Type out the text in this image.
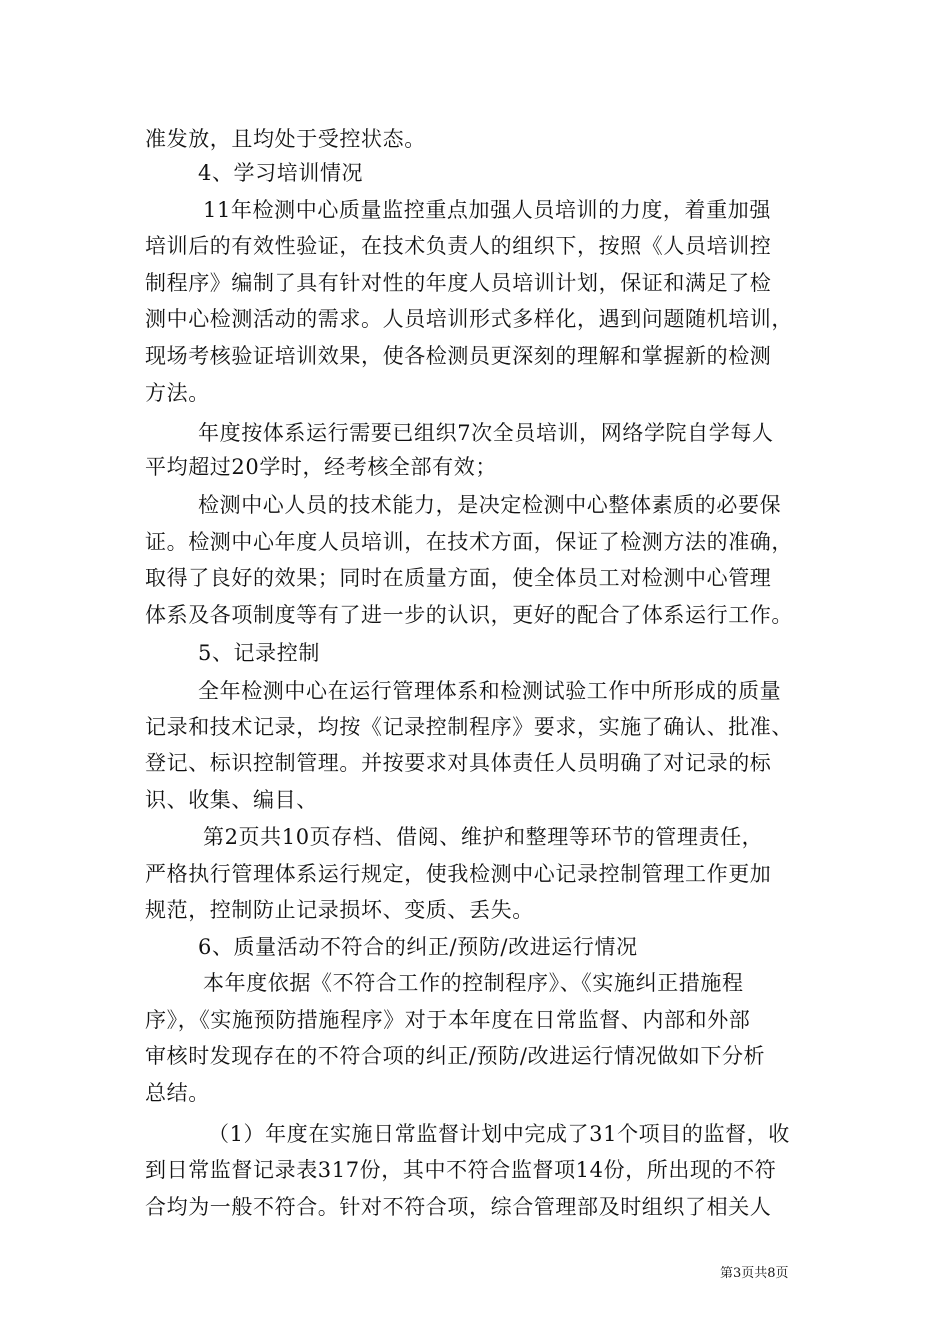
准发放，且均处于受控状态。
4、学习培训情况
11年检测中心质量监控重点加强人员培训的力度，着重加强
培训后的有效性验证，在技术负责人的组织下，按照《人员培训控
制程序》编制了具有针对性的年度人员培训计划，保证和满足了检
测中心检测活动的需求。人员培训形式多样化，遇到问题随机培训，
现场考核验证培训效果，使各检测员更深刻的理解和掌握新的检测
方法。
年度按体系运行需要已组织7次全员培训，网络学院自学每人
平均超过20学时，经考核全部有效；
检测中心人员的技术能力，是决定检测中心整体素质的必要保
证。检测中心年度人员培训，在技术方面，保证了检测方法的准确，
取得了良好的效果；同时在质量方面，使全体员工对检测中心管理
体系及各项制度等有了进一步的认识，更好的配合了体系运行工作。
5、记录控制
全年检测中心在运行管理体系和检测试验工作中所形成的质量
记录和技术记录，均按《记录控制程序》要求，实施了确认、批准、
登记、标识控制管理。并按要求对具体责任人员明确了对记录的标
识、收集、编目、
第2页共10页存档、借阅、维护和整理等环节的管理责任，
严格执行管理体系运行规定，使我检测中心记录控制管理工作更加
规范，控制防止记录损坏、变质、丢失。
6、质量活动不符合的纠正/预防/改进运行情况
本年度依据《不符合工作的控制程序》、《实施纠正措施程
序》，《实施预防措施程序》对于本年度在日常监督、内部和外部
审核时发现存在的不符合项的纠正/预防/改进运行情况做如下分析
总结。
（1）年度在实施日常监督计划中完成了31个项目的监督，收
到日常监督记录表317份，其中不符合监督项14份，所出现的不符
合均为一般不符合。针对不符合项，综合管理部及时组织了相关人
第3页共8页
